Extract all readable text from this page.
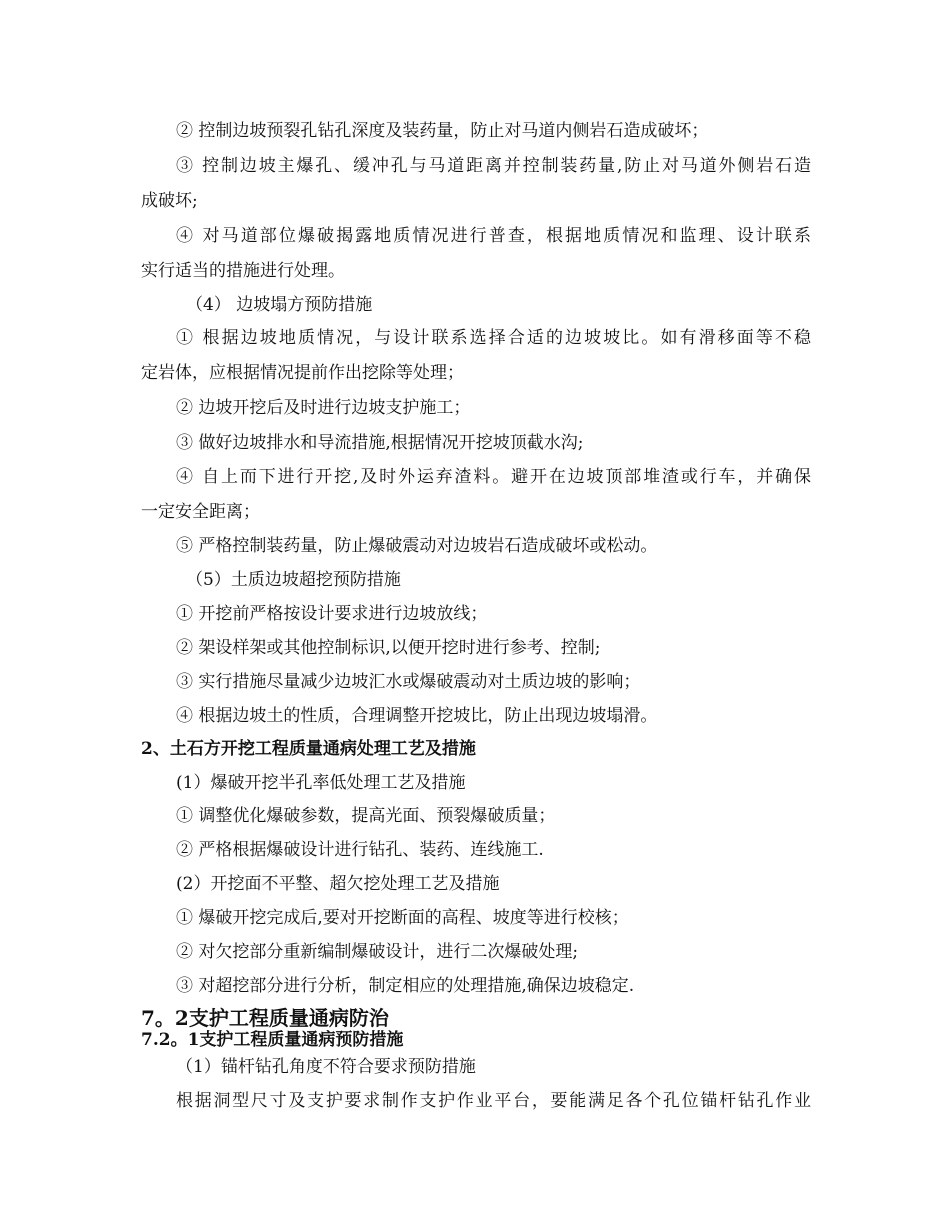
② 控制边坡预裂孔钻孔深度及装药量，防止对马道内侧岩石造成破坏；
③ 控制边坡主爆孔、缓冲孔与马道距离并控制装药量,防止对马道外侧岩石造
成破坏;
④ 对马道部位爆破揭露地质情况进行普查，根据地质情况和监理、设计联系
实行适当的措施进行处理。
（4） 边坡塌方预防措施
① 根据边坡地质情况，与设计联系选择合适的边坡坡比。如有滑移面等不稳
定岩体，应根据情况提前作出挖除等处理；
② 边坡开挖后及时进行边坡支护施工；
③ 做好边坡排水和导流措施,根据情况开挖坡顶截水沟;
④ 自上而下进行开挖,及时外运弃渣料。避开在边坡顶部堆渣或行车，并确保
一定安全距离；
⑤ 严格控制装药量，防止爆破震动对边坡岩石造成破坏或松动。
（5）土质边坡超挖预防措施
① 开挖前严格按设计要求进行边坡放线；
② 架设样架或其他控制标识,以便开挖时进行参考、控制;
③ 实行措施尽量减少边坡汇水或爆破震动对土质边坡的影响；
④ 根据边坡土的性质，合理调整开挖坡比，防止出现边坡塌滑。
2、土石方开挖工程质量通病处理工艺及措施
(1）爆破开挖半孔率低处理工艺及措施
① 调整优化爆破参数，提高光面、预裂爆破质量；
② 严格根据爆破设计进行钻孔、装药、连线施工.
(2）开挖面不平整、超欠挖处理工艺及措施
① 爆破开挖完成后,要对开挖断面的高程、坡度等进行校核；
② 对欠挖部分重新编制爆破设计，进行二次爆破处理;
③ 对超挖部分进行分析，制定相应的处理措施,确保边坡稳定.
7。2支护工程质量通病防治
7.2。1支护工程质量通病预防措施
（1）锚杆钻孔角度不符合要求预防措施
根据洞型尺寸及支护要求制作支护作业平台，要能满足各个孔位锚杆钻孔作业
